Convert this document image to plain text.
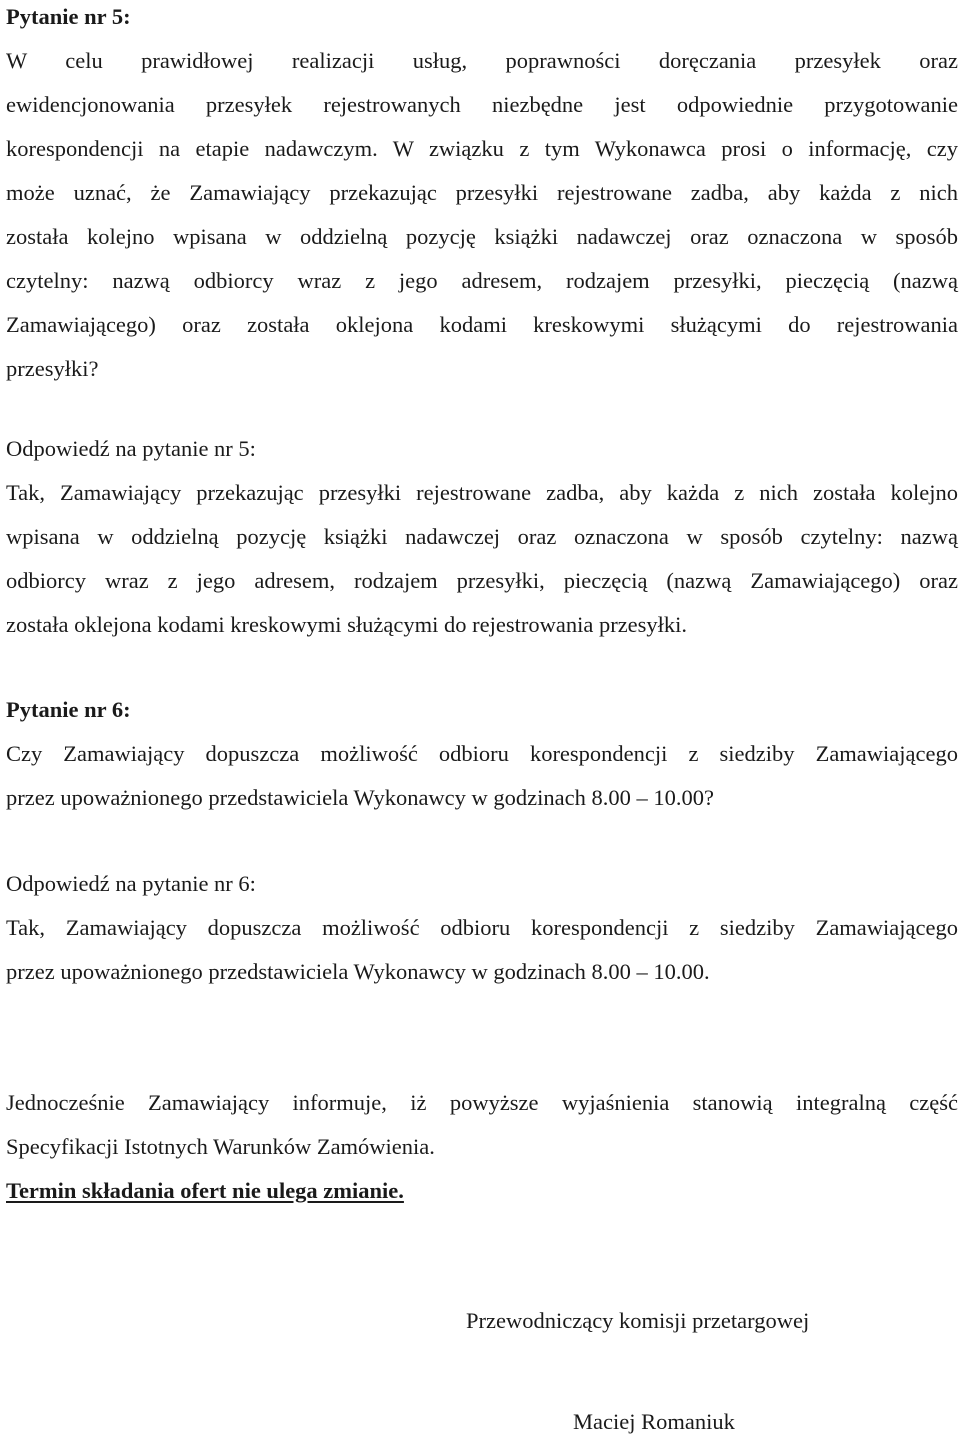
Pytanie nr 5:

W celu prawidłowej realizacji usług, poprawności doręczania przesyłek oraz
ewidencjonowania przesyłek rejestrowanych niezbędne jest odpowiednie przygotowanie
korespondencji na etapie nadawczym. W związku z tym Wykonawca prosi o informację, czy
może uznać, że Zamawiający przekazując przesyłki rejestrowane zadba, aby każda z nich
została kolejno wpisana w oddzielną pozycję książki nadawczej oraz oznaczona w sposób
czytelny: nazwą odbiorcy wraz z jego adresem, rodzajem przesyłki, pieczęcią (nazwą
Zamawiającego) oraz została oklejona kodami kreskowymi służącymi do rejestrowania
przesyłki?

Odpowiedź na pytanie nr 5:

Tak, Zamawiający przekazując przesyłki rejestrowane zadba, aby każda z nich została kolejno
wpisana w oddzielną pozycję książki nadawczej oraz oznaczona w sposób czytelny: nazwą
odbiorcy wraz z jego adresem, rodzajem przesyłki, pieczęcią (nazwą Zamawiającego) oraz
została oklejona kodami kreskowymi służącymi do rejestrowania przesyłki.

Pytanie nr 6:

Czy Zamawiający dopuszcza możliwość odbioru korespondencji z siedziby Zamawiającego
przez upoważnionego przedstawiciela Wykonawcy w godzinach 8.00 – 10.00?

Odpowiedź na pytanie nr 6:

Tak, Zamawiający dopuszcza możliwość odbioru korespondencji z siedziby Zamawiającego
przez upoważnionego przedstawiciela Wykonawcy w godzinach 8.00 – 10.00.
Jednocześnie Zamawiający informuje, iż powyższe wyjaśnienia stanowią integralną część
Specyfikacji Istotnych Warunków Zamówienia.

Termin składania ofert nie ulega zmianie.

Przewodniczący komisji przetargowej
Maciej Romaniuk
